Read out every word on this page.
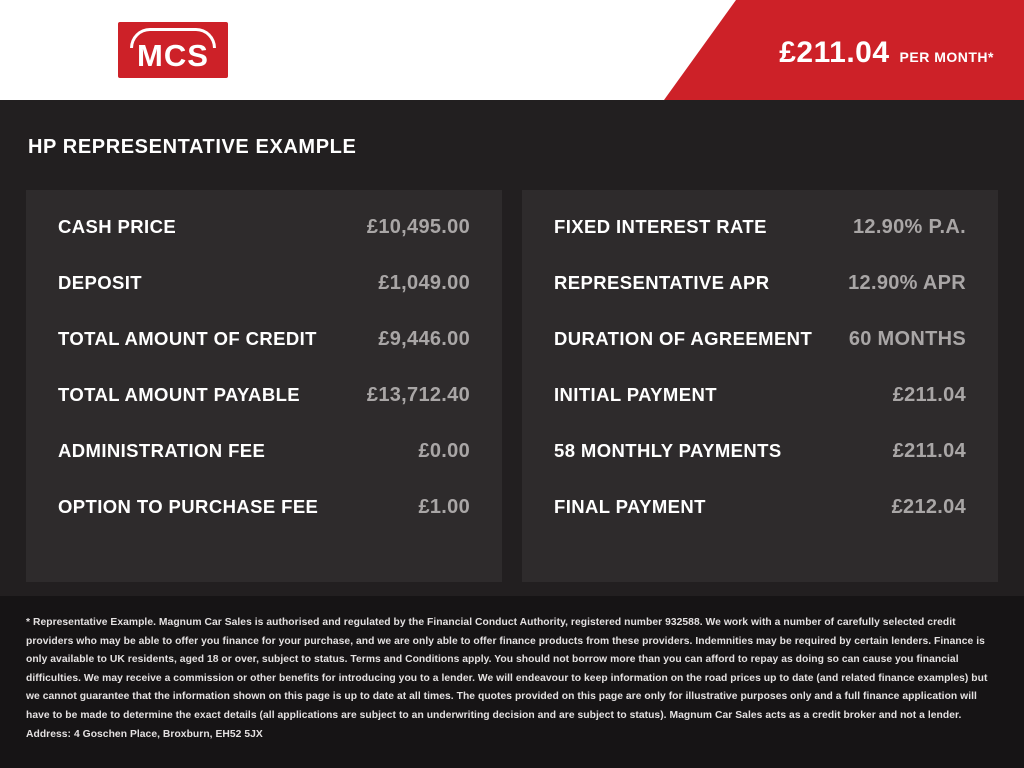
MCS	£211.04 PER MONTH*
HP REPRESENTATIVE EXAMPLE
CASH PRICE	£10,495.00
DEPOSIT	£1,049.00
TOTAL AMOUNT OF CREDIT	£9,446.00
TOTAL AMOUNT PAYABLE	£13,712.40
ADMINISTRATION FEE	£0.00
OPTION TO PURCHASE FEE	£1.00
FIXED INTEREST RATE	12.90% P.A.
REPRESENTATIVE APR	12.90% APR
DURATION OF AGREEMENT 60 MONTHS
INITIAL PAYMENT	£211.04
58 MONTHLY PAYMENTS	£211.04
FINAL PAYMENT	£212.04

* Representative Example. Magnum Car Sales is authorised and regulated by the Financial Conduct Authority, registered number 932588. We work with a number of carefully selected credit providers who may be able to offer you finance for your purchase, and we are only able to offer finance products from these providers. Indemnities may be required by certain lenders. Finance is only available to UK residents, aged 18 or over, subject to status. Terms and Conditions apply. You should not borrow more than you can afford to repay as doing so can cause you financial difficulties. We may receive a commission or other benefits for introducing you to a lender. We will endeavour to keep information on the road prices up to date (and related finance examples) but we cannot guarantee that the information shown on this page is up to date at all times. The quotes provided on this page are only for illustrative purposes only and a full finance application will have to be made to determine the exact details (all applications are subject to an underwriting decision and are subject to status). Magnum Car Sales acts as a credit broker and not a lender. Address: 4 Goschen Place, Broxburn, EH52 5JX
